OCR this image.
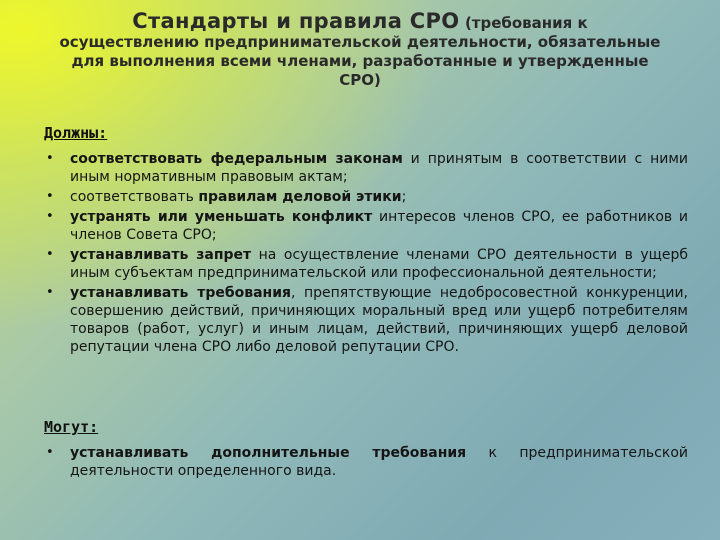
Стандарты и правила СРО (требования к
осуществлению предпринимательской деятельности, обязательные
для выполнения всеми членами, разработанные и утвержденные
СРО)
Должны:
• соответствовать федеральным законам и принятым в соответствии с ними иным нормативным правовым актам;
• соответствовать правилам деловой этики;
• устранять или уменьшать конфликт интересов членов СРО, ее работников и членов Совета СРО;
• устанавливать запрет на осуществление членами СРО деятельности в ущерб иным субъектам предпринимательской или профессиональной деятельности;
• устанавливать требования, препятствующие недобросовестной конкуренции, совершению действий, причиняющих моральный вред или ущерб потребителям товаров (работ, услуг) и иным лицам, действий, причиняющих ущерб деловой репутации члена СРО либо деловой репутации СРО.
Могут:
• устанавливать дополнительные требования к предпринимательской деятельности определенного вида.
